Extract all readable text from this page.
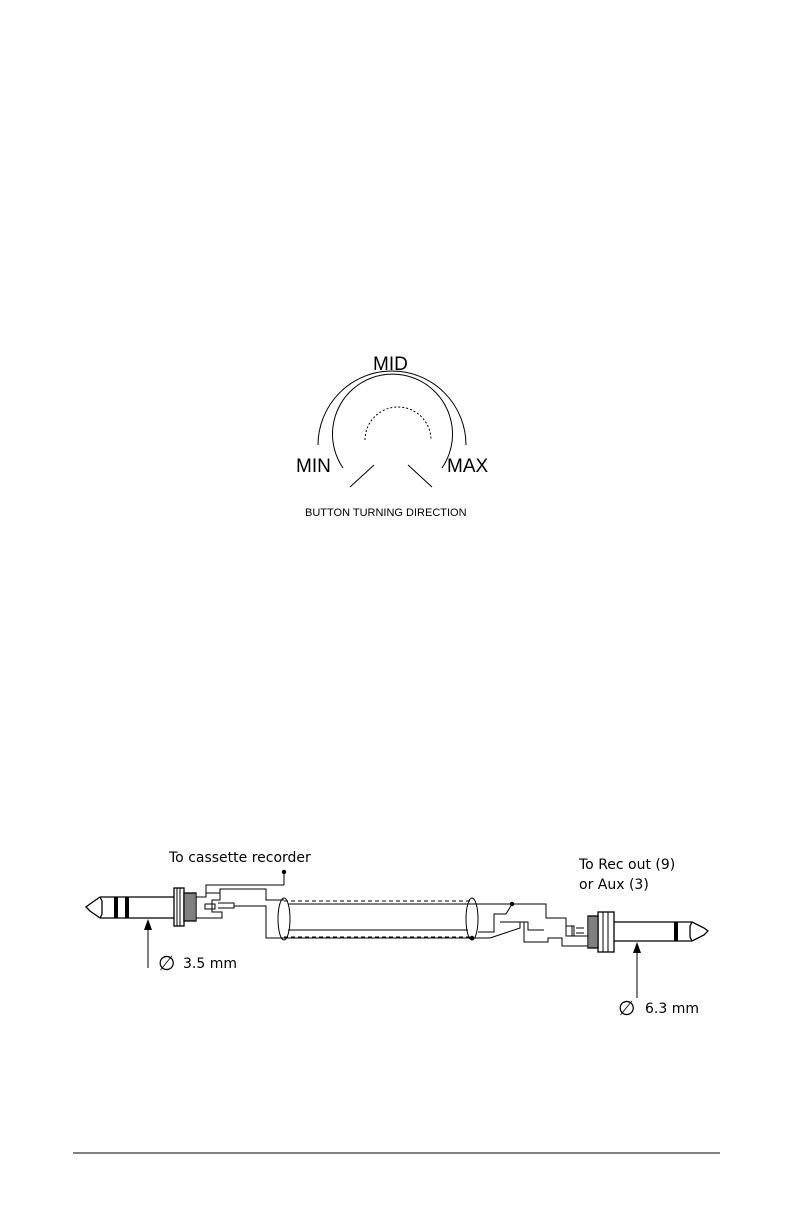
MID
MIN	MAX
BUTTON TURNING DIRECTION
To cassette recorder	To Rec out (9)
or Aux (3)
∅ 3.5 mm
∅ 6.3 mm
